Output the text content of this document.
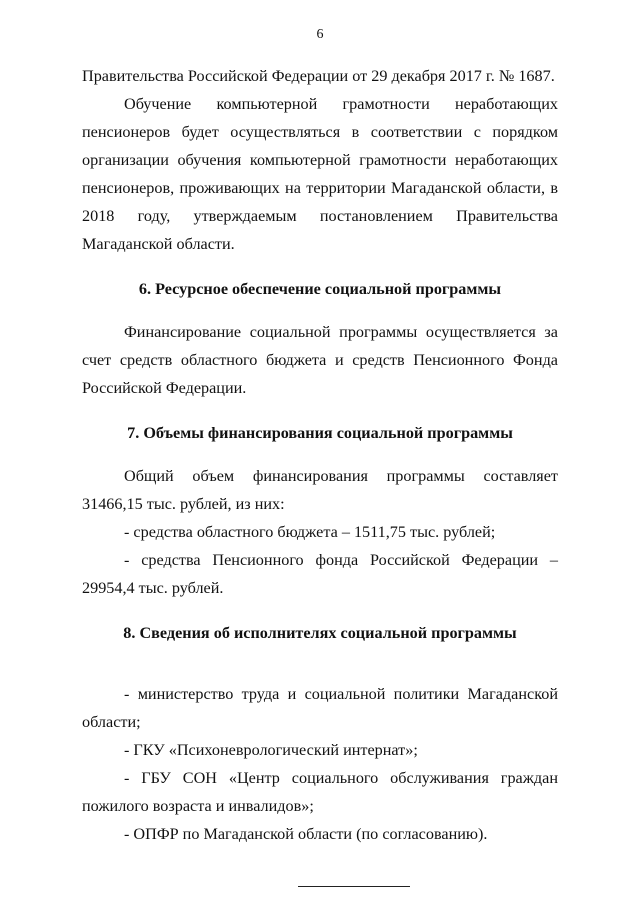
6

Правительства Российской Федерации от 29 декабря 2017 г. № 1687.

Обучение компьютерной грамотности неработающих пенсионеров будет осуществляться в соответствии с порядком организации обучения компьютерной грамотности неработающих пенсионеров, проживающих на территории Магаданской области, в 2018 году, утверждаемым постановлением Правительства Магаданской области.

6. Ресурсное обеспечение социальной программы

Финансирование социальной программы осуществляется за счет средств областного бюджета и средств Пенсионного Фонда Российской Федерации.

7. Объемы финансирования социальной программы

Общий объем финансирования программы составляет 31466,15 тыс. рублей, из них:

- средства областного бюджета – 1511,75 тыс. рублей;

- средства Пенсионного фонда Российской Федерации – 29954,4 тыс. рублей.

8. Сведения об исполнителях социальной программы

- министерство труда и социальной политики Магаданской области;

- ГКУ «Психоневрологический интернат»;

- ГБУ СОН «Центр социального обслуживания граждан пожилого возраста и инвалидов»;

- ОПФР по Магаданской области (по согласованию).
